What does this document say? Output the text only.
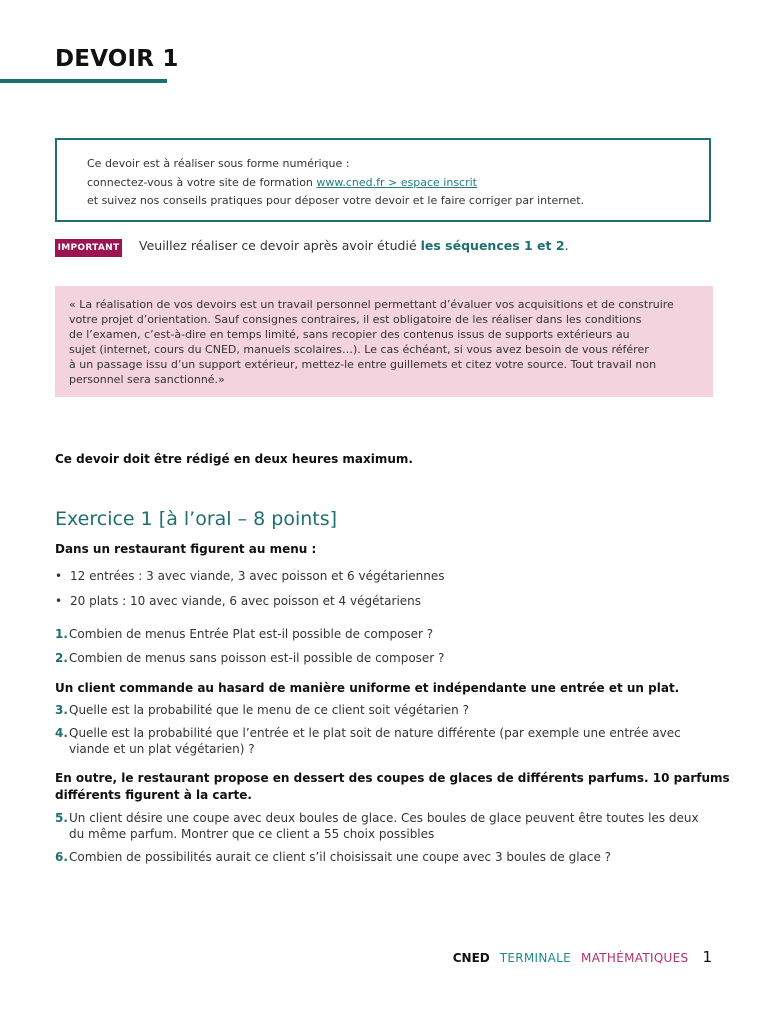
DEVOIR 1
Ce devoir est à réaliser sous forme numérique :
connectez-vous à votre site de formation www.cned.fr > espace inscrit
et suivez nos conseils pratiques pour déposer votre devoir et le faire corriger par internet.
IMPORTANT Veuillez réaliser ce devoir après avoir étudié les séquences 1 et 2.
« La réalisation de vos devoirs est un travail personnel permettant d’évaluer vos acquisitions et de construire
votre projet d’orientation. Sauf consignes contraires, il est obligatoire de les réaliser dans les conditions
de l’examen, c’est-à-dire en temps limité, sans recopier des contenus issus de supports extérieurs au
sujet (internet, cours du CNED, manuels scolaires…). Le cas échéant, si vous avez besoin de vous référer
à un passage issu d’un support extérieur, mettez-le entre guillemets et citez votre source. Tout travail non
personnel sera sanctionné.»
Ce devoir doit être rédigé en deux heures maximum.
Exercice 1 [à l’oral – 8 points]
Dans un restaurant figurent au menu :
• 12 entrées : 3 avec viande, 3 avec poisson et 6 végétariennes
• 20 plats : 10 avec viande, 6 avec poisson et 4 végétariens
1.Combien de menus Entrée Plat est-il possible de composer ?
2.Combien de menus sans poisson est-il possible de composer ?
Un client commande au hasard de manière uniforme et indépendante une entrée et un plat.
3.Quelle est la probabilité que le menu de ce client soit végétarien ?
4.Quelle est la probabilité que l’entrée et le plat soit de nature différente (par exemple une entrée avec
viande et un plat végétarien) ?
En outre, le restaurant propose en dessert des coupes de glaces de différents parfums. 10 parfums
différents figurent à la carte.
5.Un client désire une coupe avec deux boules de glace. Ces boules de glace peuvent être toutes les deux
du même parfum. Montrer que ce client a 55 choix possibles
6.Combien de possibilités aurait ce client s’il choisissait une coupe avec 3 boules de glace ?
CNED TERMINALE MATHÉMATIQUES 1
